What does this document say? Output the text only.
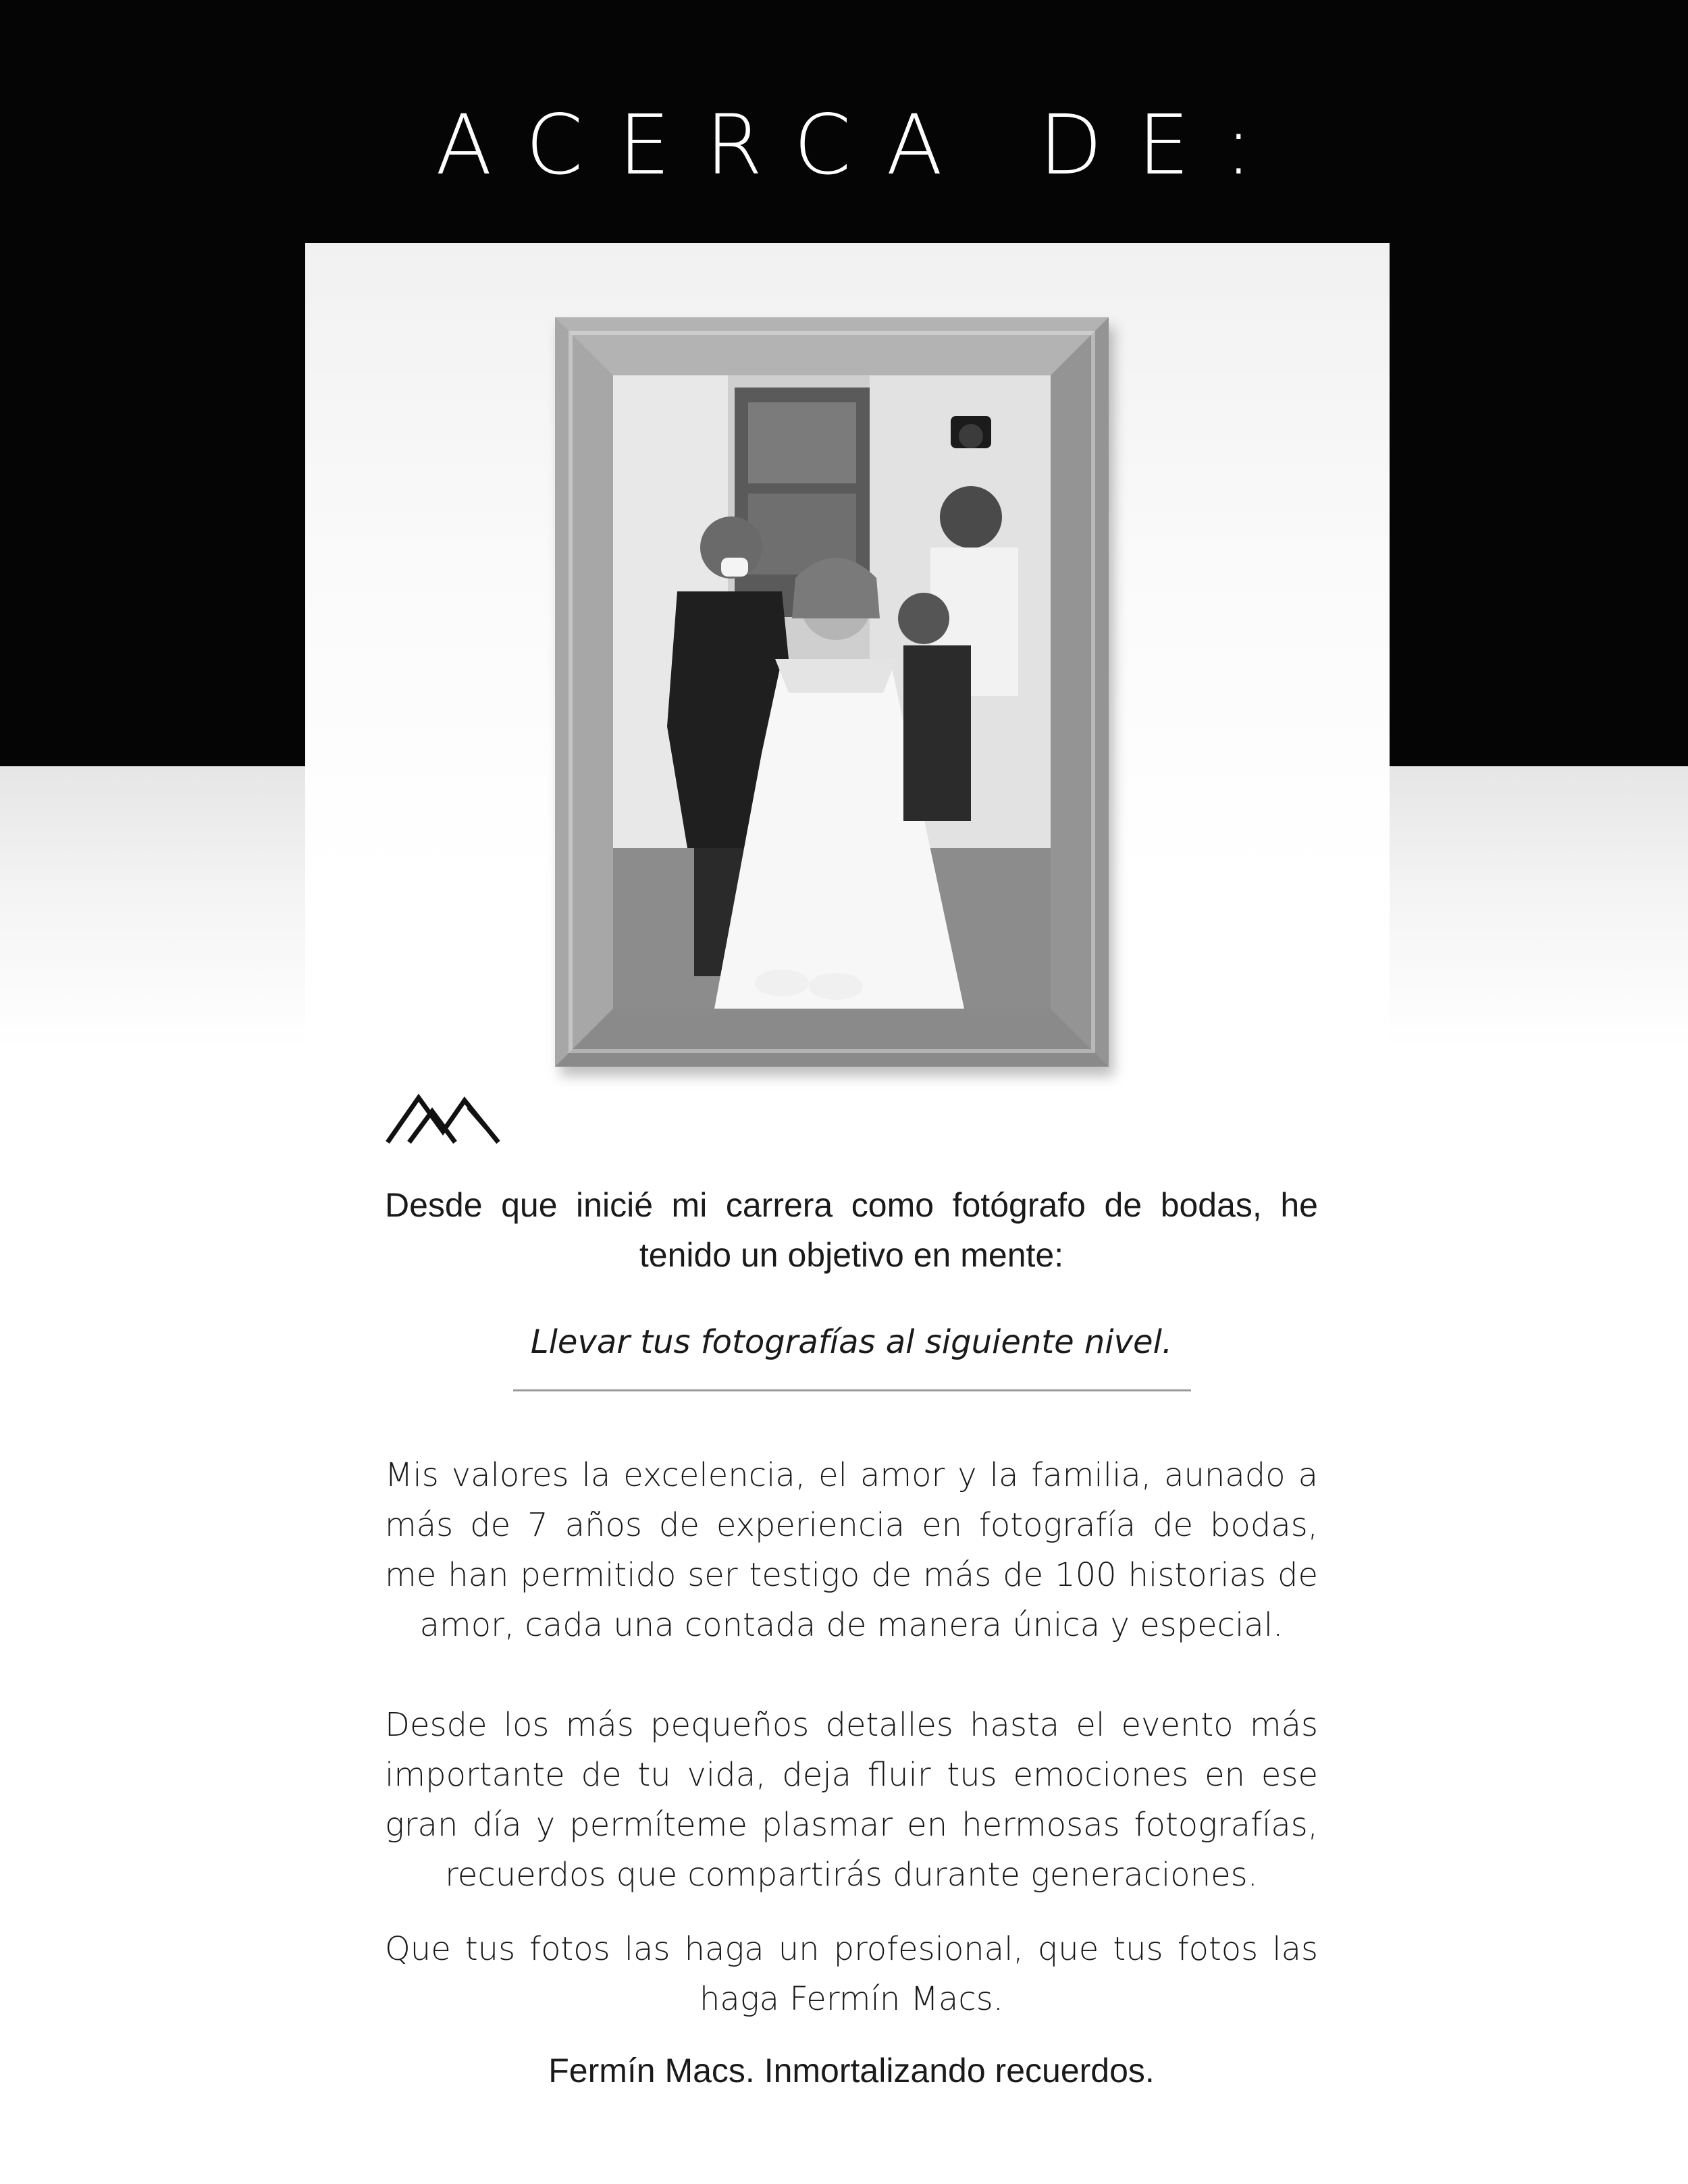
ACERCA DE:

Desde que inicié mi carrera como fotógrafo de bodas, he tenido un objetivo en mente:

Llevar tus fotografías al siguiente nivel.

Mis valores la excelencia, el amor y la familia, aunado a más de 7 años de experiencia en fotografía de bodas, me han permitido ser testigo de más de 100 historias de amor, cada una contada de manera única y especial.

Desde los más pequeños detalles hasta el evento más importante de tu vida, deja fluir tus emociones en ese gran día y permíteme plasmar en hermosas fotografías, recuerdos que compartirás durante generaciones.

Que tus fotos las haga un profesional, que tus fotos las haga Fermín Macs.

Fermín Macs. Inmortalizando recuerdos.
